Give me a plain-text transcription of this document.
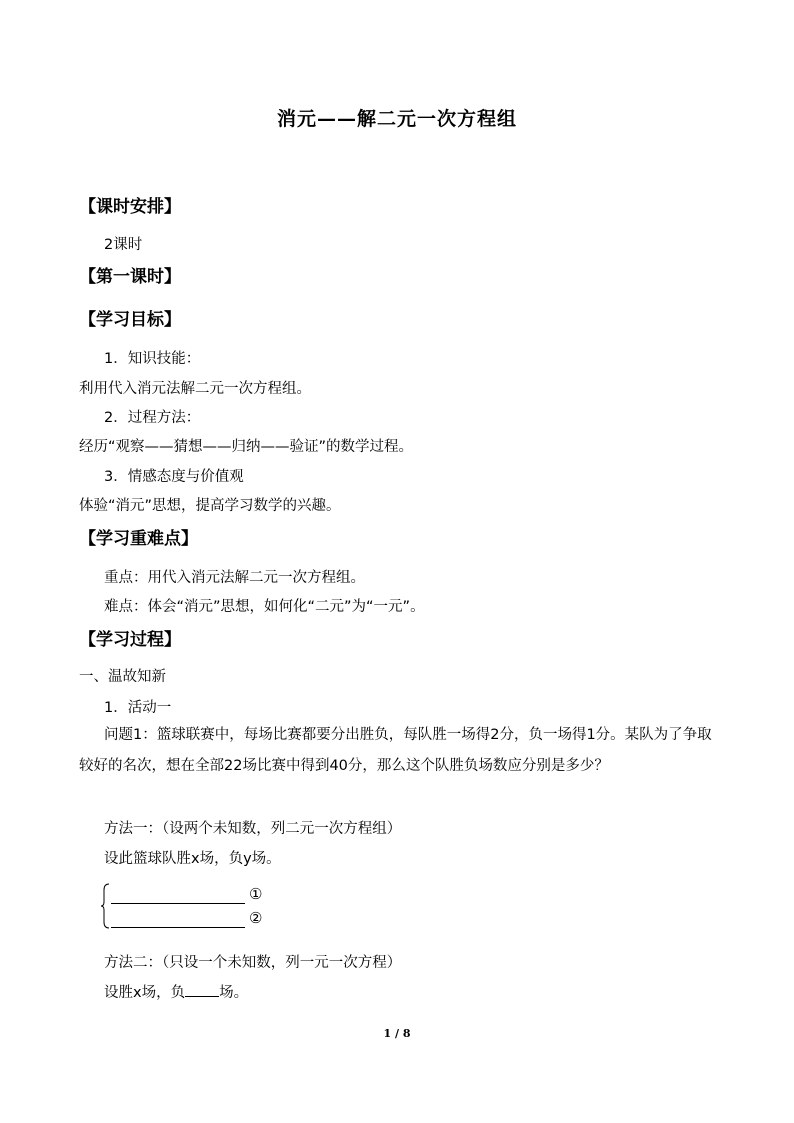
消元——解二元一次方程组
【课时安排】
2课时
【第一课时】
【学习目标】
1．知识技能：
利用代入消元法解二元一次方程组。
2．过程方法：
经历“观察——猜想——归纳——验证”的数学过程。
3．情感态度与价值观
体验“消元”思想，提高学习数学的兴趣。
【学习重难点】
重点：用代入消元法解二元一次方程组。
难点：体会“消元”思想，如何化“二元”为“一元”。
【学习过程】
一、温故知新
1．活动一
问题1：篮球联赛中，每场比赛都要分出胜负，每队胜一场得2分，负一场得1分。某队为了争取较好的名次，想在全部22场比赛中得到40分，那么这个队胜负场数应分别是多少？
方法一：（设两个未知数，列二元一次方程组）
设此篮球队胜x场，负y场。
①
②
方法二：（只设一个未知数，列一元一次方程）
设胜x场，负 场。
1 / 8
